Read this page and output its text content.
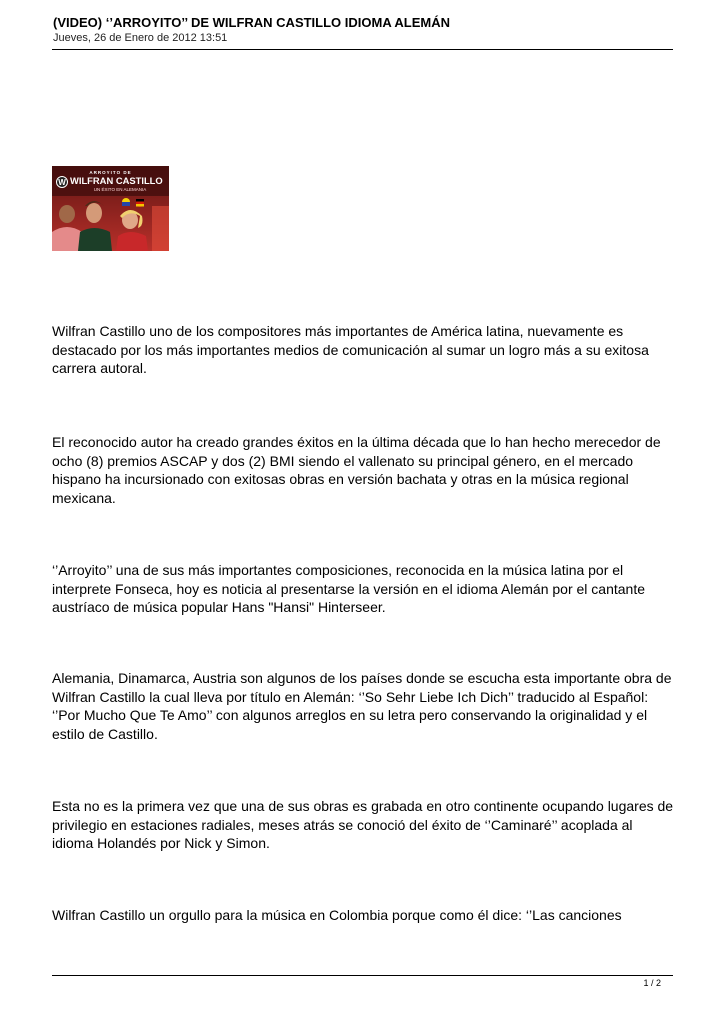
(VIDEO) ‘’ARROYITO’’ DE WILFRAN CASTILLO IDIOMA ALEMÁN
Jueves, 26 de Enero de 2012 13:51
ARROYITO DE
W WILFRAN CASTILLO
UN ÉXITO EN ALEMANIA

Wilfran Castillo uno de los compositores más importantes de América latina, nuevamente es destacado por los más importantes medios de comunicación al sumar un logro más a su exitosa carrera autoral.

El reconocido autor ha creado grandes éxitos en la última década que lo han hecho merecedor de ocho (8) premios ASCAP y dos (2) BMI siendo el vallenato su principal género, en el mercado hispano ha incursionado con exitosas obras en versión bachata y otras en la música regional mexicana.

‘’Arroyito’’ una de sus más importantes composiciones, reconocida en la música latina por el interprete Fonseca, hoy es noticia al presentarse la versión en el idioma Alemán por el cantante austríaco de música popular Hans "Hansi" Hinterseer.

Alemania, Dinamarca, Austria son algunos de los países donde se escucha esta importante obra de Wilfran Castillo la cual lleva por título en Alemán: ‘’So Sehr Liebe Ich Dich’’ traducido al Español: ‘’Por Mucho Que Te Amo’’ con algunos arreglos en su letra pero conservando la originalidad y el estilo de Castillo.

Esta no es la primera vez que una de sus obras es grabada en otro continente ocupando lugares de privilegio en estaciones radiales, meses atrás se conoció del éxito de ‘’Caminaré’’ acoplada al idioma Holandés por Nick y Simon.

Wilfran Castillo un orgullo para la música en Colombia porque como él dice: ‘’Las canciones

1 / 2
